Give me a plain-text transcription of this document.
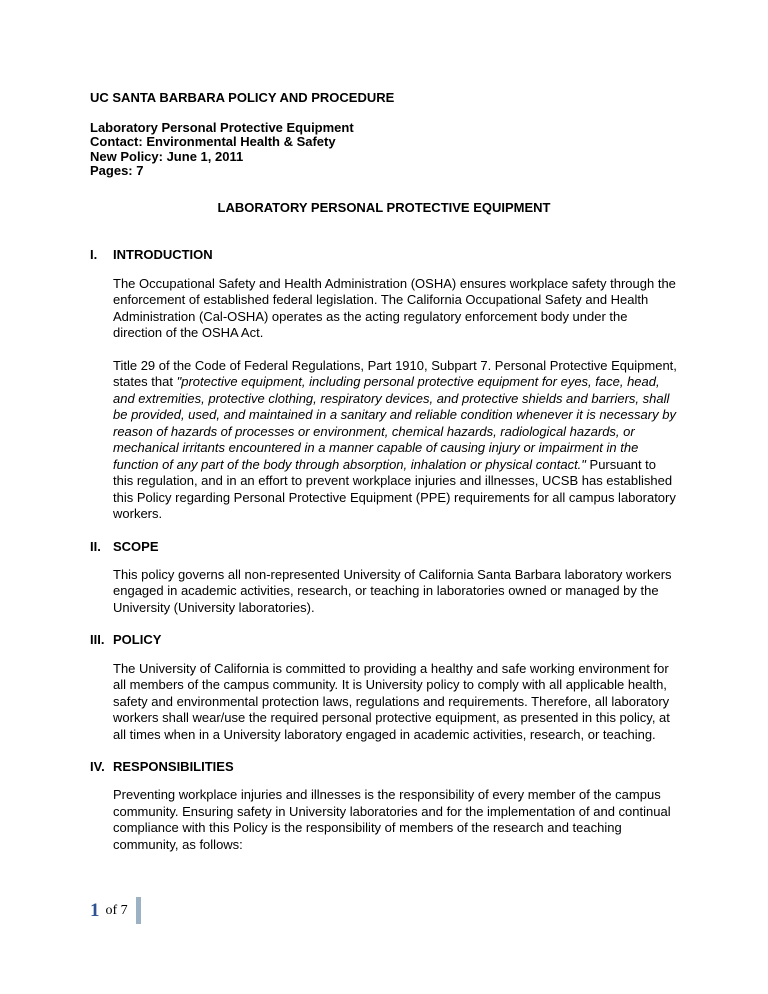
UC SANTA BARBARA POLICY AND PROCEDURE
Laboratory Personal Protective Equipment
Contact: Environmental Health & Safety
New Policy: June 1, 2011
Pages: 7
LABORATORY PERSONAL PROTECTIVE EQUIPMENT
I. INTRODUCTION

The Occupational Safety and Health Administration (OSHA) ensures workplace safety through the enforcement of established federal legislation. The California Occupational Safety and Health Administration (Cal-OSHA) operates as the acting regulatory enforcement body under the direction of the OSHA Act.

Title 29 of the Code of Federal Regulations, Part 1910, Subpart 7. Personal Protective Equipment, states that "protective equipment, including personal protective equipment for eyes, face, head, and extremities, protective clothing, respiratory devices, and protective shields and barriers, shall be provided, used, and maintained in a sanitary and reliable condition whenever it is necessary by reason of hazards of processes or environment, chemical hazards, radiological hazards, or mechanical irritants encountered in a manner capable of causing injury or impairment in the function of any part of the body through absorption, inhalation or physical contact." Pursuant to this regulation, and in an effort to prevent workplace injuries and illnesses, UCSB has established this Policy regarding Personal Protective Equipment (PPE) requirements for all campus laboratory workers.

II. SCOPE

This policy governs all non-represented University of California Santa Barbara laboratory workers engaged in academic activities, research, or teaching in laboratories owned or managed by the University (University laboratories).

III. POLICY

The University of California is committed to providing a healthy and safe working environment for all members of the campus community. It is University policy to comply with all applicable health, safety and environmental protection laws, regulations and requirements. Therefore, all laboratory workers shall wear/use the required personal protective equipment, as presented in this policy, at all times when in a University laboratory engaged in academic activities, research, or teaching.

IV. RESPONSIBILITIES

Preventing workplace injuries and illnesses is the responsibility of every member of the campus community. Ensuring safety in University laboratories and for the implementation of and continual compliance with this Policy is the responsibility of members of the research and teaching community, as follows:

1 of 7
